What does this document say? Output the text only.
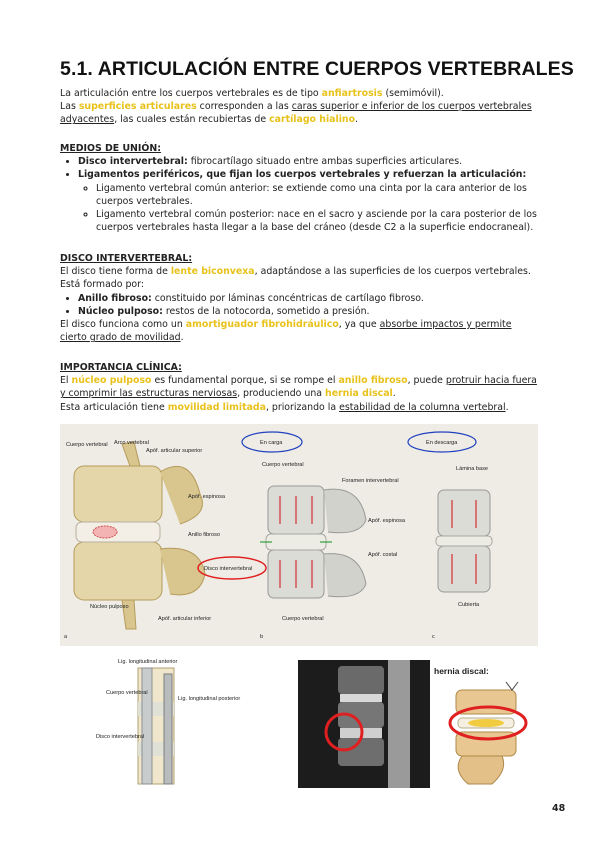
5.1. ARTICULACIÓN ENTRE CUERPOS VERTEBRALES
La articulación entre los cuerpos vertebrales es de tipo anfiartrosis (semimóvil).
Las superficies articulares corresponden a las caras superior e inferior de los cuerpos vertebrales adyacentes, las cuales están recubiertas de cartílago hialino.
MEDIOS DE UNIÓN:
• Disco intervertebral: fibrocartílago situado entre ambas superficies articulares.
• Ligamentos periféricos, que fijan los cuerpos vertebrales y refuerzan la articulación:
◦ Ligamento vertebral común anterior: se extiende como una cinta por la cara anterior de los cuerpos vertebrales.
◦ Ligamento vertebral común posterior: nace en el sacro y asciende por la cara posterior de los cuerpos vertebrales hasta llegar a la base del cráneo (desde C2 a la superficie endocraneal).
DISCO INTERVERTEBRAL:
El disco tiene forma de lente biconvexa, adaptándose a las superficies de los cuerpos vertebrales.
Está formado por:
• Anillo fibroso: constituido por láminas concéntricas de cartílago fibroso.
• Núcleo pulposo: restos de la notocorda, sometido a presión.
El disco funciona como un amortiguador fibrohidráulico, ya que absorbe impactos y permite cierto grado de movilidad.
IMPORTANCIA CLÍNICA:
El núcleo pulposo es fundamental porque, si se rompe el anillo fibroso, puede protruir hacia fuera y comprimir las estructuras nerviosas, produciendo una hernia discal.
Esta articulación tiene movilidad limitada, priorizando la estabilidad de la columna vertebral.
Cuerpo vertebral Arco vertebral
Apóf. articular superior
Apóf. espinosa
Anillo fibroso
Núcleo pulposo
Apóf. articular inferior
a	b	c
En carga	En descarga
Cuerpo vertebral
Foramen intervertebral
Apóf. espinosa
Apóf. costal
Disco intervertebral
Cuerpo vertebral
Lámina base
Cubierta
Lig. longitudinal anterior
Cuerpo vertebral
Lig. longitudinal posterior
Disco intervertebral
hernia discal:
48
